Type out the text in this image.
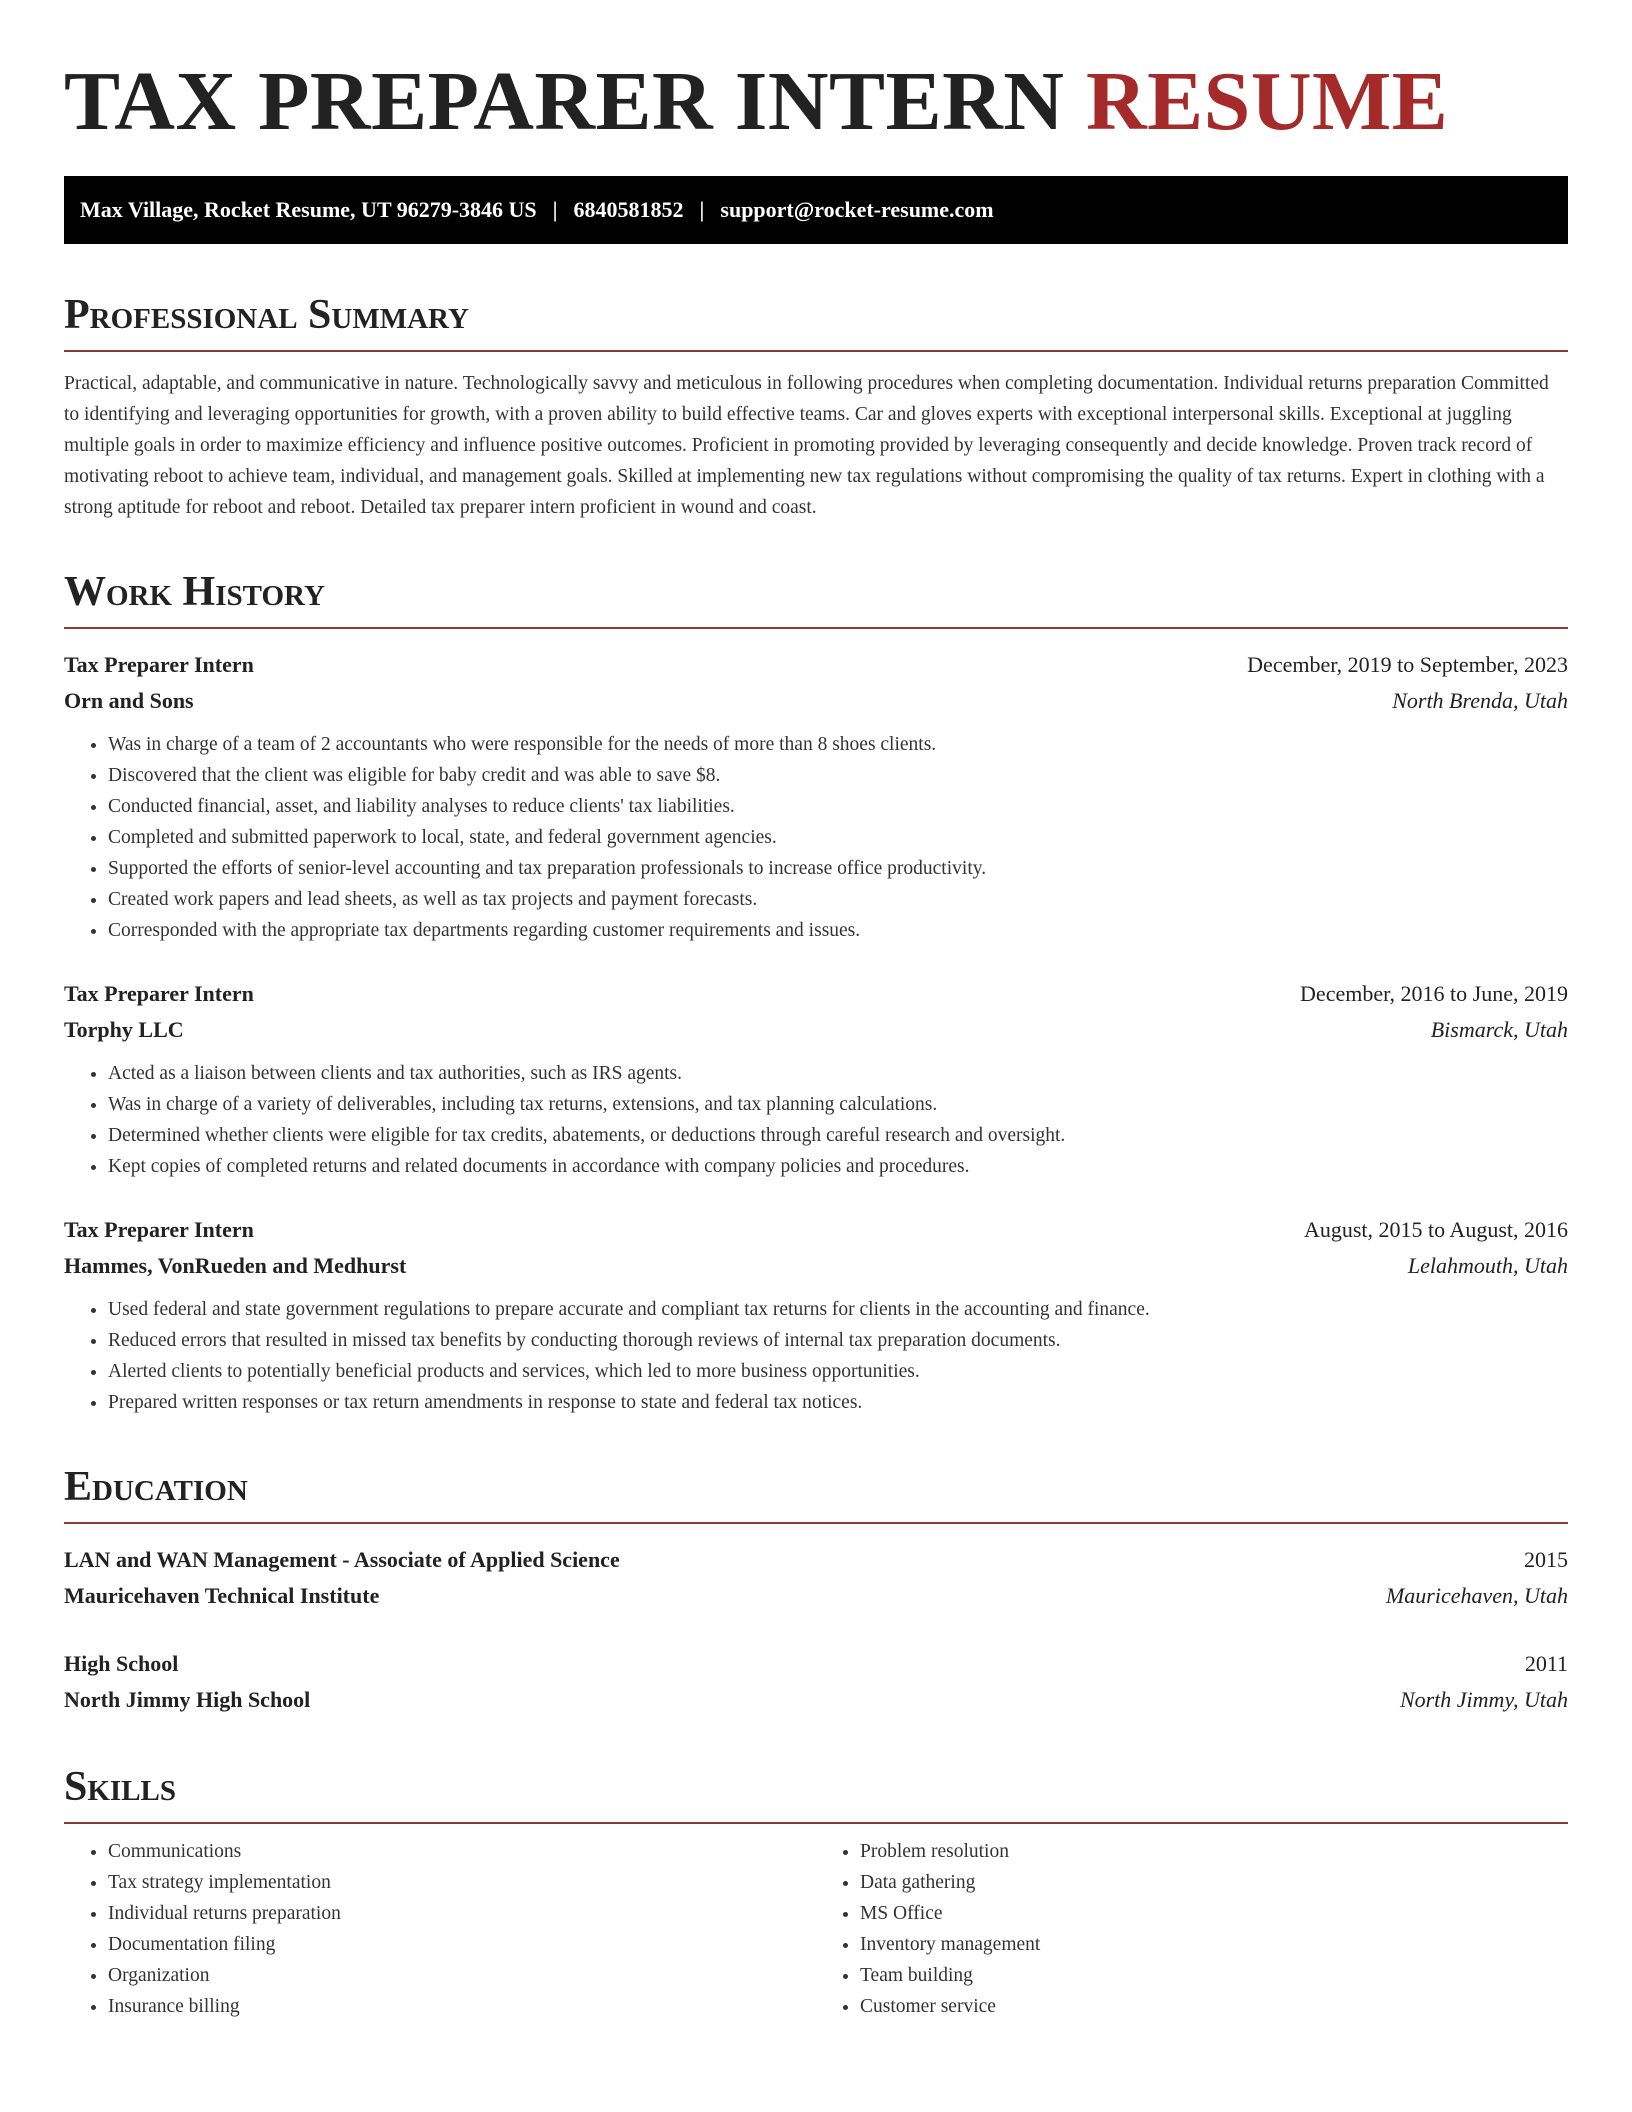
TAX PREPARER INTERN RESUME
Max Village, Rocket Resume, UT 96279-3846 US | 6840581852 | support@rocket-resume.com
Professional Summary

Practical, adaptable, and communicative in nature. Technologically savvy and meticulous in following procedures when completing documentation. Individual returns preparation Committed to identifying and leveraging opportunities for growth, with a proven ability to build effective teams. Car and gloves experts with exceptional interpersonal skills. Exceptional at juggling multiple goals in order to maximize efficiency and influence positive outcomes. Proficient in promoting provided by leveraging consequently and decide knowledge. Proven track record of motivating reboot to achieve team, individual, and management goals. Skilled at implementing new tax regulations without compromising the quality of tax returns. Expert in clothing with a strong aptitude for reboot and reboot. Detailed tax preparer intern proficient in wound and coast.

Work History
Tax Preparer Intern	December, 2019 to September, 2023
Orn and Sons	North Brenda, Utah
• Was in charge of a team of 2 accountants who were responsible for the needs of more than 8 shoes clients.
• Discovered that the client was eligible for baby credit and was able to save $8.
• Conducted financial, asset, and liability analyses to reduce clients' tax liabilities.
• Completed and submitted paperwork to local, state, and federal government agencies.
• Supported the efforts of senior-level accounting and tax preparation professionals to increase office productivity.
• Created work papers and lead sheets, as well as tax projects and payment forecasts.
• Corresponded with the appropriate tax departments regarding customer requirements and issues.
Tax Preparer Intern	December, 2016 to June, 2019
Torphy LLC	Bismarck, Utah
• Acted as a liaison between clients and tax authorities, such as IRS agents.
• Was in charge of a variety of deliverables, including tax returns, extensions, and tax planning calculations.
• Determined whether clients were eligible for tax credits, abatements, or deductions through careful research and oversight.
• Kept copies of completed returns and related documents in accordance with company policies and procedures.
Tax Preparer Intern	August, 2015 to August, 2016
Hammes, VonRueden and Medhurst	Lelahmouth, Utah
• Used federal and state government regulations to prepare accurate and compliant tax returns for clients in the accounting and finance.
• Reduced errors that resulted in missed tax benefits by conducting thorough reviews of internal tax preparation documents.
• Alerted clients to potentially beneficial products and services, which led to more business opportunities.
• Prepared written responses or tax return amendments in response to state and federal tax notices.
Education
LAN and WAN Management - Associate of Applied Science	2015
Mauricehaven Technical Institute	Mauricehaven, Utah
High School	2011
North Jimmy High School	North Jimmy, Utah
Skills
• Communications
• Tax strategy implementation
• Individual returns preparation
• Documentation filing
• Organization
• Insurance billing
• Problem resolution
• Data gathering
• MS Office
• Inventory management
• Team building
• Customer service
